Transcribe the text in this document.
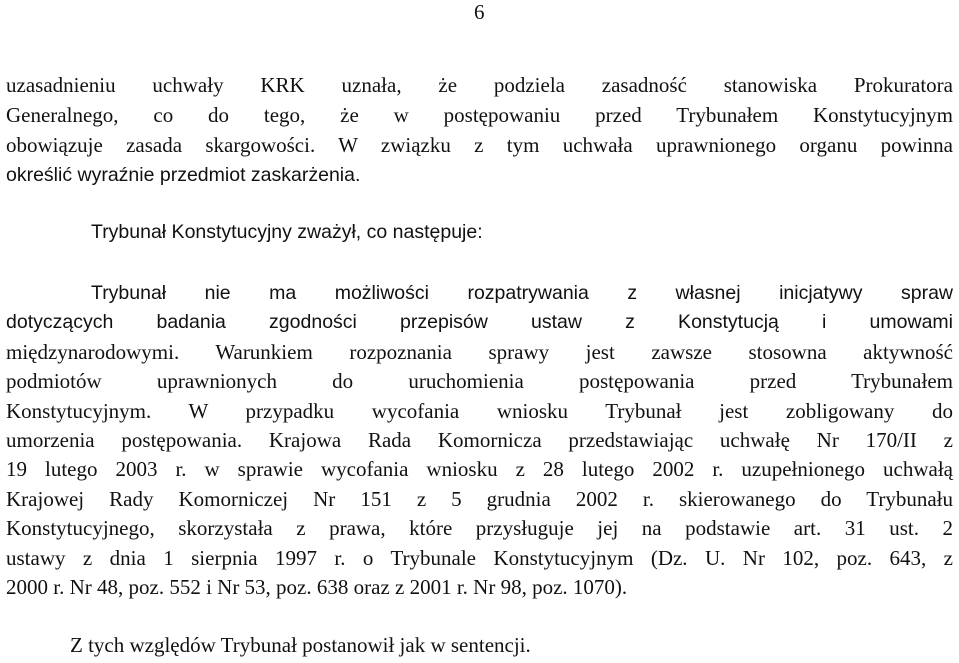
6
uzasadnieniu uchwały KRK uznała, że podziela zasadność stanowiska Prokuratora
Generalnego, co do tego, że w postępowaniu przed Trybunałem Konstytucyjnym
obowiązuje zasada skargowości. W związku z tym uchwała uprawnionego organu powinna
określić wyraźnie przedmiot zaskarżenia.
Trybunał Konstytucyjny zważył, co następuje:
Trybunał nie ma możliwości rozpatrywania z własnej inicjatywy spraw
dotyczących badania zgodności przepisów ustaw z Konstytucją i umowami
międzynarodowymi. Warunkiem rozpoznania sprawy jest zawsze stosowna aktywność
podmiotów uprawnionych do uruchomienia postępowania przed Trybunałem
Konstytucyjnym. W przypadku wycofania wniosku Trybunał jest zobligowany do
umorzenia postępowania. Krajowa Rada Komornicza przedstawiając uchwałę Nr 170/II z
19 lutego 2003 r. w sprawie wycofania wniosku z 28 lutego 2002 r. uzupełnionego uchwałą
Krajowej Rady Komorniczej Nr 151 z 5 grudnia 2002 r. skierowanego do Trybunału
Konstytucyjnego, skorzystała z prawa, które przysługuje jej na podstawie art. 31 ust. 2
ustawy z dnia 1 sierpnia 1997 r. o Trybunale Konstytucyjnym (Dz. U. Nr 102, poz. 643, z
2000 r. Nr 48, poz. 552 i Nr 53, poz. 638 oraz z 2001 r. Nr 98, poz. 1070).
Z tych względów Trybunał postanowił jak w sentencji.
